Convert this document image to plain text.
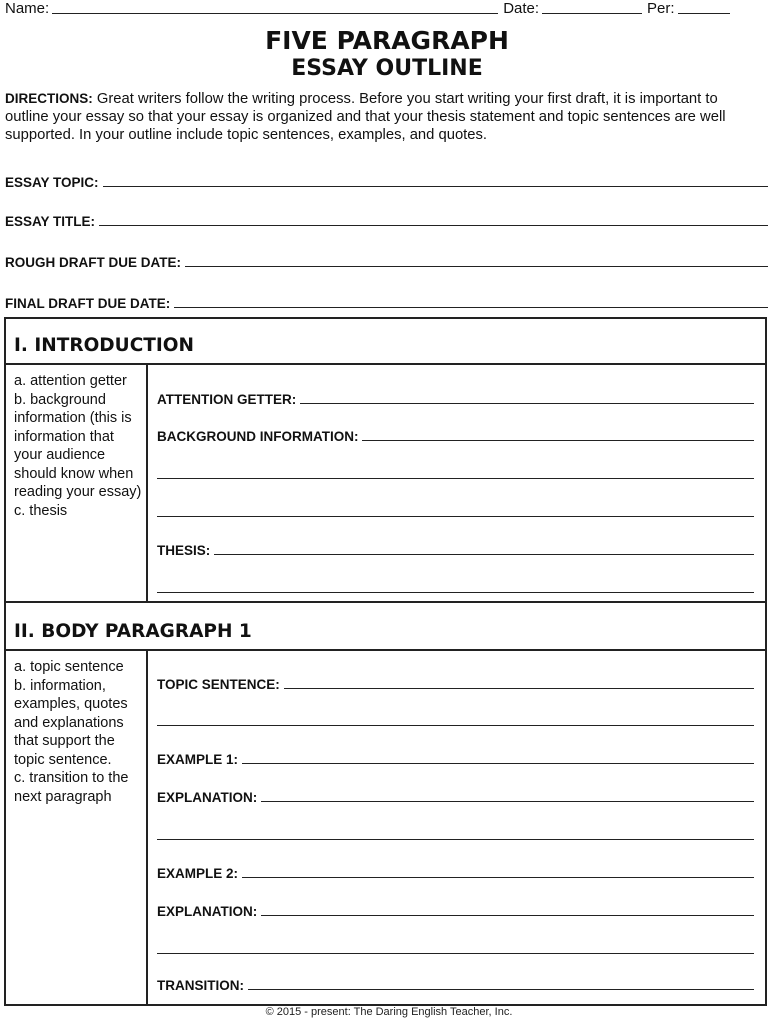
Name:	Date:	Per:
FIVE PARAGRAPH
ESSAY OUTLINE

DIRECTIONS: Great writers follow the writing process. Before you start writing your first draft, it is important to outline your essay so that your essay is organized and that your thesis statement and topic sentences are well supported. In your outline include topic sentences, examples, and quotes.

ESSAY TOPIC:
ESSAY TITLE:
ROUGH DRAFT DUE DATE:
FINAL DRAFT DUE DATE:
I. INTRODUCTION
a. attention getter
b. background information (this is information that your audience should know when reading your essay)
c. thesis
ATTENTION GETTER:
BACKGROUND INFORMATION:
THESIS:
II. BODY PARAGRAPH 1
a. topic sentence
b. information, examples, quotes and explanations that support the topic sentence.
c. transition to the next paragraph
TOPIC SENTENCE:
EXAMPLE 1:
EXPLANATION:
EXAMPLE 2:
EXPLANATION:
TRANSITION:
© 2015 - present: The Daring English Teacher, Inc.
